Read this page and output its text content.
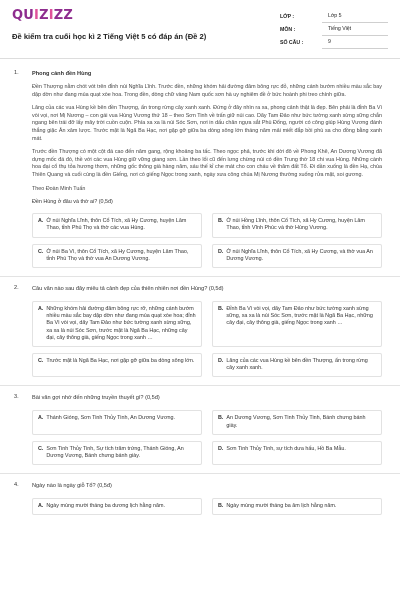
QUIZIZZ
Đề kiểm tra cuối học kì 2 Tiếng Việt 5 có đáp án (Đề 2)
LỚP :	Lớp 5
MÔN :	Tiếng Việt
SỐ CÂU :	9
1. Phong cảnh đền Hùng
Đền Thượng nằm chót vót trên đỉnh núi Nghĩa Lĩnh. Trước đền, những khóm hải đường đâm bông rực đỏ, những cánh bướm nhiều màu sắc bay dập dờn như đang múa quạt xòe hoa. Trong đền, dòng chữ vàng Nam quốc sơn hà uy nghiêm đề ở bức hoành phi treo chính giữa.
Lăng của các vua Hùng kề bên đền Thượng, ẩn trong rừng cây xanh xanh. Đứng ở đây nhìn ra xa, phong cảnh thật là đẹp. Bên phải là đỉnh Ba Vì vòi vọi, nơi Mị Nương – con gái vua Hùng Vương thứ 18 – theo Sơn Tinh về trấn giữ núi cao. Dãy Tam Đảo như bức tường xanh sừng sững chắn ngang bên trái đỡ lấy mây trời cuồn cuộn. Phía xa xa là núi Sóc Sơn, nơi in dấu chân ngựa sắt Phù Đổng, người có công giúp Hùng Vương đánh thắng giặc Ân xâm lược. Trước mặt là Ngã Ba Hạc, nơi gặp gỡ giữa ba dòng sông lớn tháng năm mải miết đắp bồi phù sa cho đồng bằng xanh mát.
Trước đền Thượng có một cột đá cao đến năm gang, rộng khoảng ba tấc. Theo ngọc phả, trước khi dời đô về Phong Khê, An Dương Vương đã dựng mốc đá đó, thề với các vua Hùng giữ vững giang sơn. Lần theo lối cũ đến lưng chừng núi có đền Trung thờ 18 chi vua Hùng. Những cành hoa đại cổ thụ tỏa hương thơm, những gốc thông già hàng năm, sáu thế kỉ che mát cho con cháu về thăm đất Tổ. Đi dần xuống là đền Hạ, chùa Thiên Quang và cuối cùng là đền Giếng, nơi có giếng Ngọc trong xanh, ngày xưa công chúa Mị Nương thường xuống rửa mặt, soi gương.
Theo Đoàn Minh Tuấn
Đền Hùng ở đâu và thờ ai? (0,5đ)
A. Ở núi Nghĩa Lĩnh, thôn Cổ Tích, xã Hy Cương, huyện Lâm Thao, tỉnh Phú Thọ và thờ các vua Hùng.
B. Ở núi Hồng Lĩnh, thôn Cổ Tích, xã Hy Cương, huyện Lâm Thao, tỉnh Vĩnh Phúc và thờ Hùng Vương.
C. Ở núi Ba Vì, thôn Cổ Tích, xã Hy Cương, huyện Lâm Thao, tỉnh Phú Thọ và thờ vua An Dương Vương.
D. Ở núi Nghĩa Lĩnh, thôn Cổ Tích, xã Hy Cương, và thờ vua An Dương Vương.
2. Câu văn nào sau đây miêu tả cảnh đẹp của thiên nhiên nơi đền Hùng? (0,5đ)
A. Những khóm hải đường đâm bông rực rỡ, những cánh bướm nhiều màu sắc bay dập dờn như đang múa quạt xòe hoa; đỉnh Ba Vì vòi vọi, dãy Tam Đảo như bức tường xanh sừng sững, xa xa là núi Sóc Sơn, trước mặt là Ngã Ba Hạc, những cây đại, cây thông già, giếng Ngọc trong xanh …
B. Đỉnh Ba Vì vòi vọi, dãy Tam Đảo như bức tường xanh sừng sững, xa xa là núi Sóc Sơn, trước mặt là Ngã Ba Hạc, những cây đại, cây thông già, giếng Ngọc trong xanh …
C. Trước mặt là Ngã Ba Hạc, nơi gặp gỡ giữa ba dòng sông lớn.	D. Lăng của các vua Hùng kề bên đền Thượng, ẩn trong rừng cây xanh xanh.
3. Bài văn gợi nhớ đến những truyền thuyết gì? (0,5đ)
A. Thánh Gióng, Sơn Tinh Thủy Tinh, An Dương Vương.	B. An Dương Vương, Sơn Tinh Thủy Tinh, Bánh chưng bánh giày.
C. Sơn Tinh Thủy Tinh, Sự tích trăm trứng, Thánh Gióng, An Dương Vương, Bánh chưng bánh giày.
D. Sơn Tinh Thủy Tinh, sự tích dưa hấu, Hồ Ba Mẫu.
4. Ngày nào là ngày giỗ Tổ? (0,5đ)
A. Ngày mùng mười tháng ba dương lịch hằng năm.	B. Ngày mùng mười tháng ba âm lịch hằng năm.
